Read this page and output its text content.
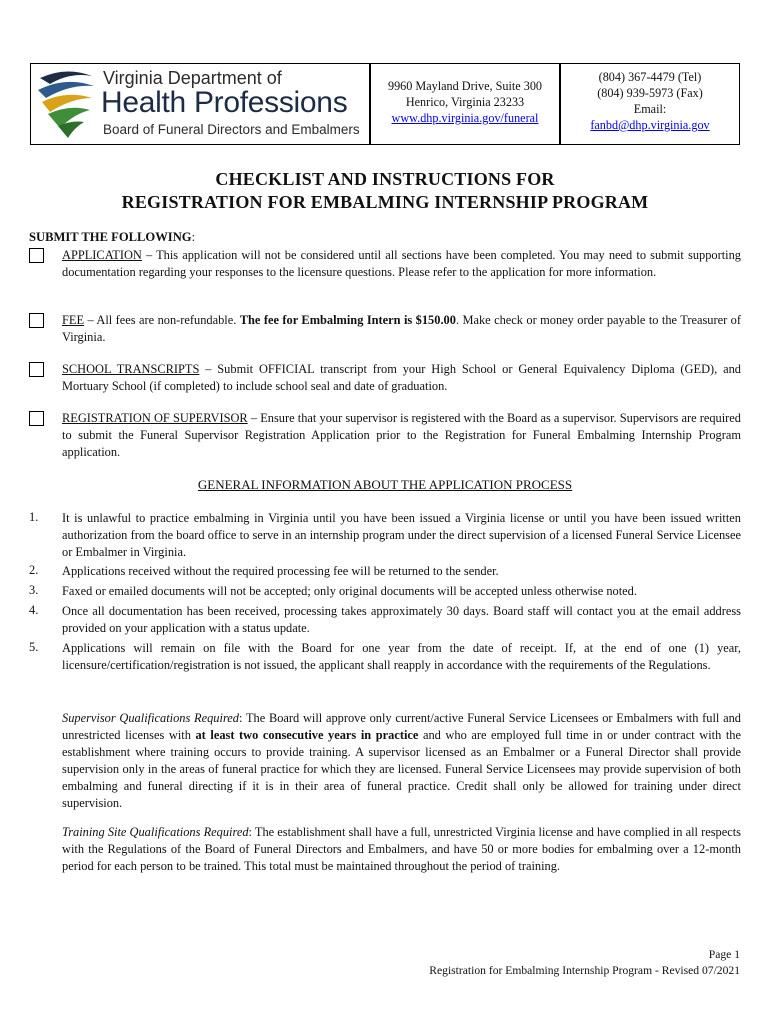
Virginia Department of
Health Professions
Board of Funeral Directors and Embalmers
9960 Mayland Drive, Suite 300
Henrico, Virginia 23233
www.dhp.virginia.gov/funeral
(804) 367-4479 (Tel)
(804) 939-5973 (Fax)
Email:
fanbd@dhp.virginia.gov
CHECKLIST AND INSTRUCTIONS FOR
REGISTRATION FOR EMBALMING INTERNSHIP PROGRAM
SUBMIT THE FOLLOWING:
APPLICATION – This application will not be considered until all sections have been completed. You may need to submit supporting documentation regarding your responses to the licensure questions. Please refer to the application for more information.
FEE – All fees are non-refundable. The fee for Embalming Intern is $150.00. Make check or money order payable to the Treasurer of Virginia.
SCHOOL TRANSCRIPTS – Submit OFFICIAL transcript from your High School or General Equivalency Diploma (GED), and Mortuary School (if completed) to include school seal and date of graduation.
REGISTRATION OF SUPERVISOR – Ensure that your supervisor is registered with the Board as a supervisor. Supervisors are required to submit the Funeral Supervisor Registration Application prior to the Registration for Funeral Embalming Internship Program application.
GENERAL INFORMATION ABOUT THE APPLICATION PROCESS
1.	It is unlawful to practice embalming in Virginia until you have been issued a Virginia license or until you have been issued written authorization from the board office to serve in an internship program under the direct supervision of a licensed Funeral Service Licensee or Embalmer in Virginia.
2.	Applications received without the required processing fee will be returned to the sender.
3.	Faxed or emailed documents will not be accepted; only original documents will be accepted unless otherwise noted.
4.	Once all documentation has been received, processing takes approximately 30 days. Board staff will contact you at the email address provided on your application with a status update.
5.	Applications will remain on file with the Board for one year from the date of receipt. If, at the end of one (1) year, licensure/certification/registration is not issued, the applicant shall reapply in accordance with the requirements of the Regulations.
Supervisor Qualifications Required: The Board will approve only current/active Funeral Service Licensees or Embalmers with full and unrestricted licenses with at least two consecutive years in practice and who are employed full time in or under contract with the establishment where training occurs to provide training. A supervisor licensed as an Embalmer or a Funeral Director shall provide supervision only in the areas of funeral practice for which they are licensed. Funeral Service Licensees may provide supervision of both embalming and funeral directing if it is in their area of funeral practice. Credit shall only be allowed for training under direct supervision.
Training Site Qualifications Required: The establishment shall have a full, unrestricted Virginia license and have complied in all respects with the Regulations of the Board of Funeral Directors and Embalmers, and have 50 or more bodies for embalming over a 12-month period for each person to be trained. This total must be maintained throughout the period of training.
Page 1
Registration for Embalming Internship Program - Revised 07/2021
